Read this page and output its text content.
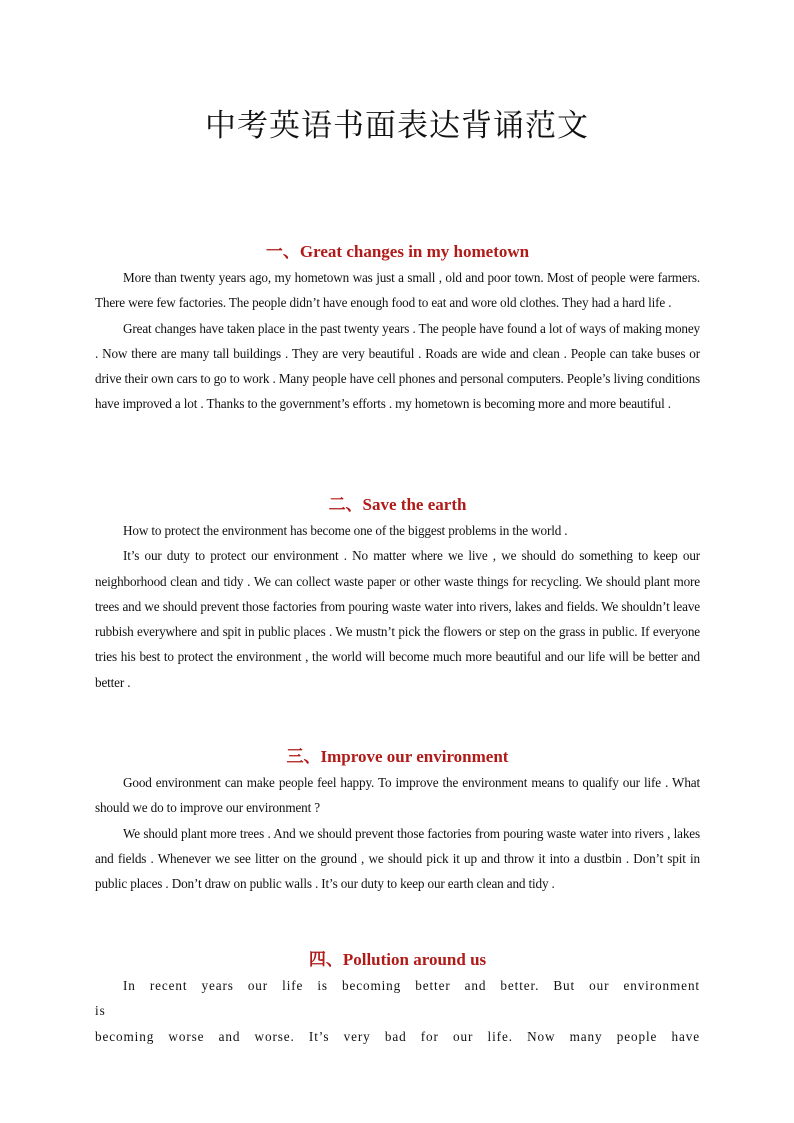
中考英语书面表达背诵范文
一、Great changes in my hometown

More than twenty years ago, my hometown was just a small , old and poor town. Most of people were farmers. There were few factories. The people didn’t have enough food to eat and wore old clothes. They had a hard life .

Great changes have taken place in the past twenty years . The people have found a lot of ways of making money . Now there are many tall buildings . They are very beautiful . Roads are wide and clean . People can take buses or drive their own cars to go to work . Many people have cell phones and personal computers. People’s living conditions have improved a lot . Thanks to the government’s efforts . my hometown is becoming more and more beautiful .

二、Save the earth

How to protect the environment has become one of the biggest problems in the world .

It’s our duty to protect our environment . No matter where we live , we should do something to keep our neighborhood clean and tidy . We can collect waste paper or other waste things for recycling. We should plant more trees and we should prevent those factories from pouring waste water into rivers, lakes and fields. We shouldn’t leave rubbish everywhere and spit in public places . We mustn’t pick the flowers or step on the grass in public. If everyone tries his best to protect the environment , the world will become much more beautiful and our life will be better and better .

三、Improve our environment

Good environment can make people feel happy. To improve the environment means to qualify our life . What should we do to improve our environment ?

We should plant more trees . And we should prevent those factories from pouring waste water into rivers , lakes and fields . Whenever we see litter on the ground , we should pick it up and throw it into a dustbin . Don’t spit in public places . Don’t draw on public walls . It’s our duty to keep our earth clean and tidy .

四、Pollution around us

In recent years our life is becoming better and better. But our environment is

becoming worse and worse. It’s very bad for our life. Now many people have
